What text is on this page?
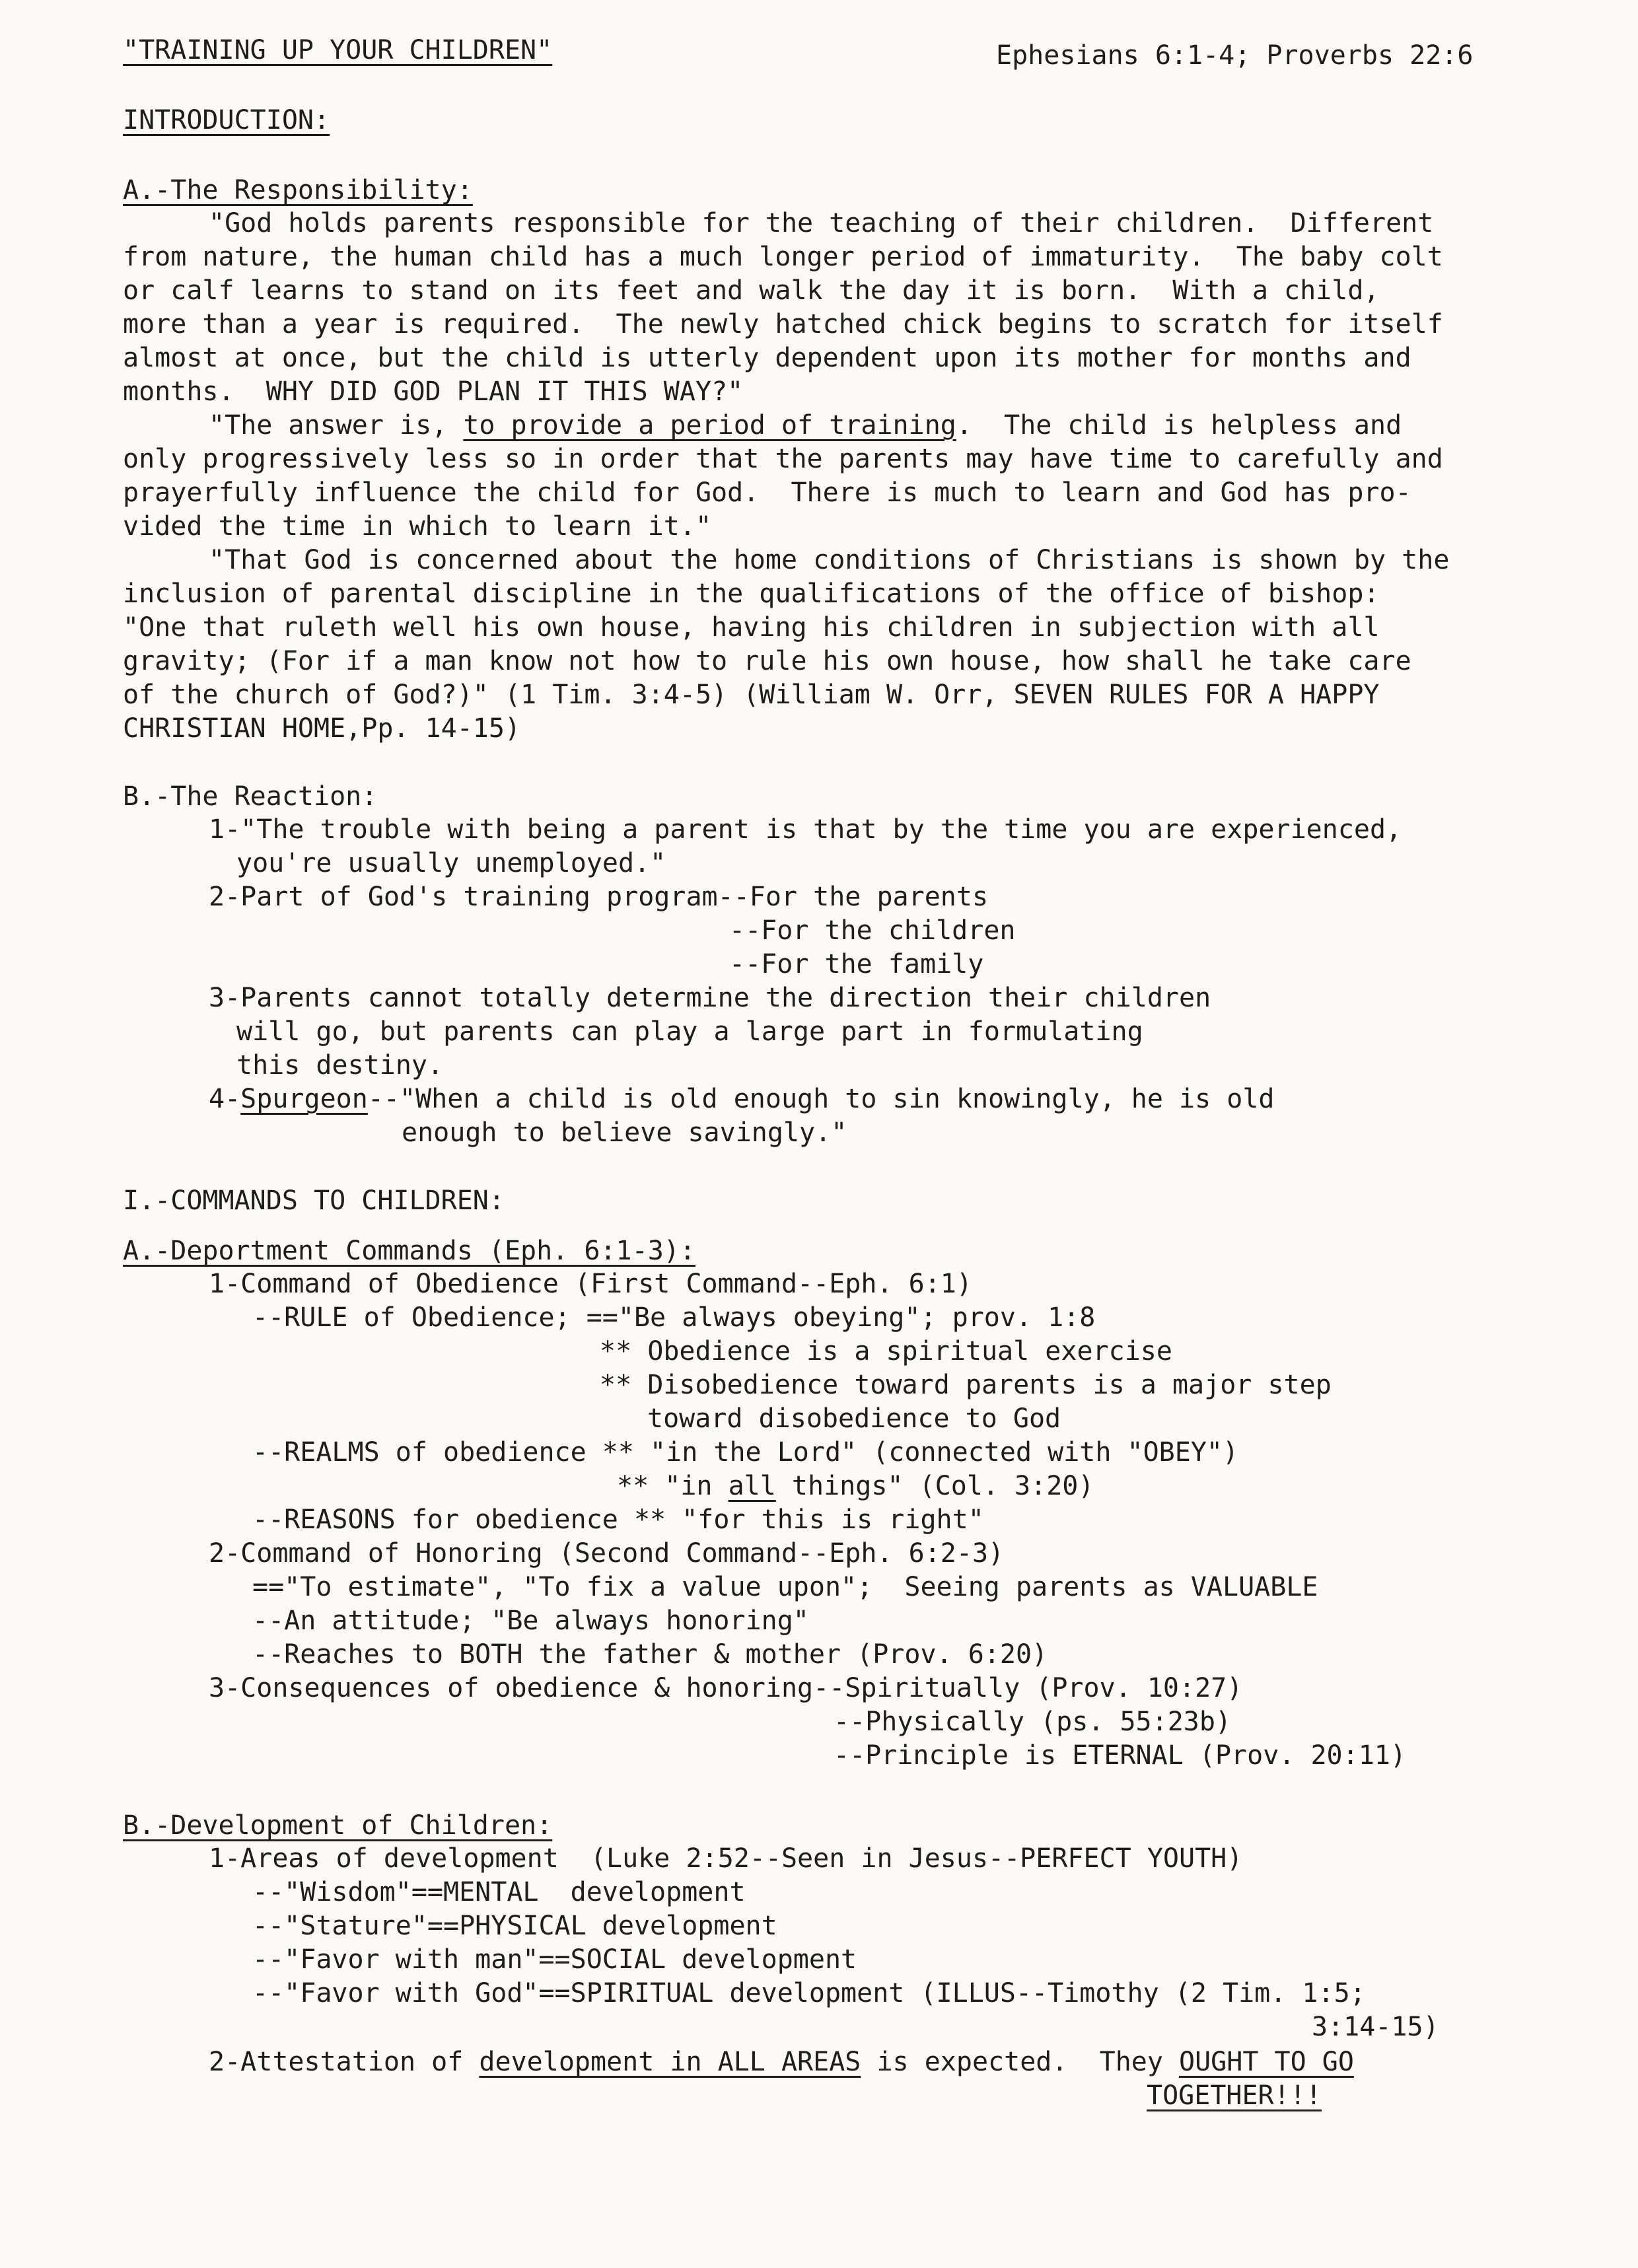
"TRAINING UP YOUR CHILDREN"	Ephesians 6:1-4; Proverbs 22:6
INTRODUCTION:
A.-The Responsibility:
"God holds parents responsible for the teaching of their children.  Different
from nature, the human child has a much longer period of immaturity.  The baby colt
or calf learns to stand on its feet and walk the day it is born.  With a child,
more than a year is required.  The newly hatched chick begins to scratch for itself
almost at once, but the child is utterly dependent upon its mother for months and
months.  WHY DID GOD PLAN IT THIS WAY?"
"The answer is, to provide a period of training.  The child is helpless and
only progressively less so in order that the parents may have time to carefully and
prayerfully influence the child for God.  There is much to learn and God has pro-
vided the time in which to learn it."
"That God is concerned about the home conditions of Christians is shown by the
inclusion of parental discipline in the qualifications of the office of bishop:
"One that ruleth well his own house, having his children in subjection with all
gravity; (For if a man know not how to rule his own house, how shall he take care
of the church of God?)" (1 Tim. 3:4-5) (William W. Orr, SEVEN RULES FOR A HAPPY
CHRISTIAN HOME,Pp. 14-15)
B.-The Reaction:
1-"The trouble with being a parent is that by the time you are experienced,
you're usually unemployed."
2-Part of God's training program--For the parents
--For the children
--For the family
3-Parents cannot totally determine the direction their children
will go, but parents can play a large part in formulating
this destiny.
4-Spurgeon--"When a child is old enough to sin knowingly, he is old
enough to believe savingly."
I.-COMMANDS TO CHILDREN:
A.-Deportment Commands (Eph. 6:1-3):
1-Command of Obedience (First Command--Eph. 6:1)
--RULE of Obedience; =="Be always obeying"; prov. 1:8
** Obedience is a spiritual exercise
** Disobedience toward parents is a major step
toward disobedience to God
--REALMS of obedience ** "in the Lord" (connected with "OBEY")
** "in all things" (Col. 3:20)
--REASONS for obedience ** "for this is right"
2-Command of Honoring (Second Command--Eph. 6:2-3)
=="To estimate", "To fix a value upon";  Seeing parents as VALUABLE
--An attitude; "Be always honoring"
--Reaches to BOTH the father & mother (Prov. 6:20)
3-Consequences of obedience & honoring--Spiritually (Prov. 10:27)
--Physically (ps. 55:23b)
--Principle is ETERNAL (Prov. 20:11)
B.-Development of Children:
1-Areas of development  (Luke 2:52--Seen in Jesus--PERFECT YOUTH)
--"Wisdom"==MENTAL  development
--"Stature"==PHYSICAL development
--"Favor with man"==SOCIAL development
--"Favor with God"==SPIRITUAL development (ILLUS--Timothy (2 Tim. 1:5;
3:14-15)
2-Attestation of development in ALL AREAS is expected.  They OUGHT TO GO
TOGETHER!!!
